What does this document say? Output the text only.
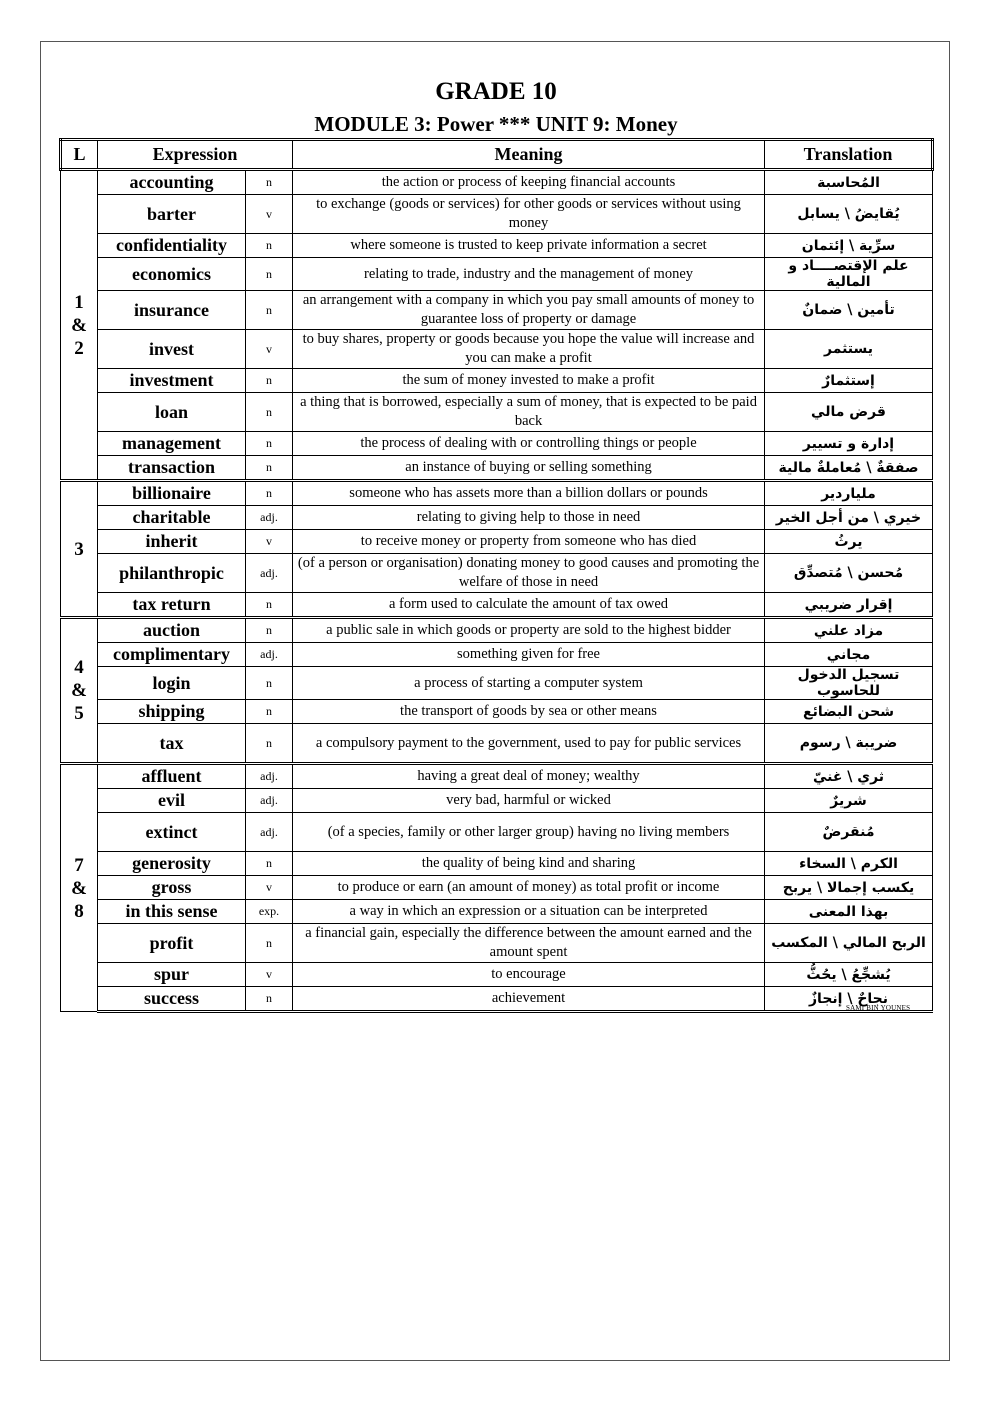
GRADE 10
MODULE 3: Power *** UNIT 9: Money
L	Expression		Meaning	Translation
1
&
2	accounting	n	the action or process of keeping financial accounts	المُحاسبة
	barter	v	to exchange (goods or services) for other goods or services without using money	يُقايضُ \ يسابل
	confidentiality	n	where someone is trusted to keep private information a secret	سرِّية \ إئتمان
	economics	n	relating to trade, industry and the management of money	علم الإقتصــــاد و المالية
	insurance	n	an arrangement with a company in which you pay small amounts of money to guarantee loss of property or damage	تأمين \ ضمانٌ
	invest	v	to buy shares, property or goods because you hope the value will increase and you can make a profit	يستثمر
	investment	n	the sum of money invested to make a profit	إستثمارٌ
	loan	n	a thing that is borrowed, especially a sum of money, that is expected to be paid back	قرض مالي
	management	n	the process of dealing with or controlling things or people	إدارة و تسيير
	transaction	n	an instance of buying or selling something	صفقةٌ \ مُعاملةٌ مالية
3	billionaire	n	someone who has assets more than a billion dollars or pounds	ملياردير
	charitable	adj.	relating to giving help to those in need	خيري \ من أجل الخير
	inherit	v	to receive money or property from someone who has died	يرثُ
	philanthropic	adj.	(of a person or organisation) donating money to good causes and promoting the welfare of those in need	مُحسن \ مُتصدِّق
	tax return	n	a form used to calculate the amount of tax owed	إقرار ضريبي
4
&
5	auction	n	a public sale in which goods or property are sold to the highest bidder	مزاد علني
	complimentary	adj.	something given for free	مجاني
	login	n	a process of starting a computer system	تسجيل الدخول للحاسوب
	shipping	n	the transport of goods by sea or other means	شحن البضائع
	tax	n	a compulsory payment to the government, used to pay for public services	ضريبة \ رسوم
7
&
8	affluent	adj.	having a great deal of money; wealthy	ثري \ غنيّ
	evil	adj.	very bad, harmful or wicked	شريرٌ
	extinct	adj.	(of a species, family or other larger group) having no living members	مُنقرضٌ
	generosity	n	the quality of being kind and sharing	الكرم \ السخاء
	gross	v	to produce or earn (an amount of money) as total profit or income	يكسب إجمالا \ يربح
	in this sense	exp.	a way in which an expression or a situation can be interpreted	بهذا المعنى
	profit	n	a financial gain, especially the difference between the amount earned and the amount spent	الربح المالي \ المكسب
	spur	v	to encourage	يُشجِّعُ \ يحُثُّ
	success	n	achievement	نجاحٌ \ إنجازٌ
SAMI BIN YOUNES
